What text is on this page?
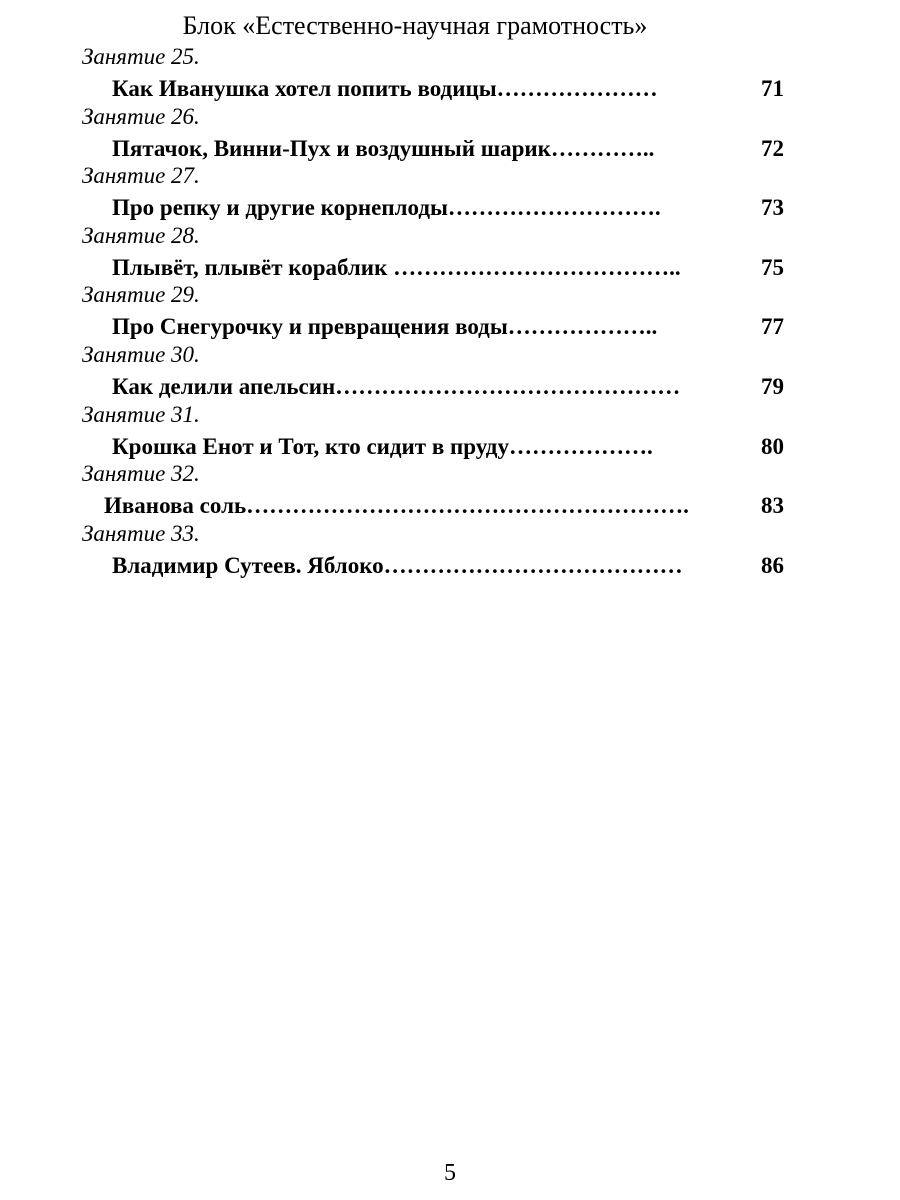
Блок «Естественно-научная грамотность»
Занятие 25.
Как Иванушка хотел попить водицы…………………	71
Занятие 26.
Пятачок, Винни-Пух и воздушный шарик…………..	72
Занятие 27.
Про репку и другие корнеплоды……………………….	73
Занятие 28.
Плывёт, плывёт кораблик ………………………………..	75
Занятие 29.
Про Снегурочку и превращения воды………………..	77
Занятие 30.
Как делили апельсин………………………………………	79
Занятие 31.
Крошка Енот и Тот, кто сидит в пруду……………….	80
Занятие 32.
Иванова соль………………………………………………….	83
Занятие 33.
Владимир Сутеев. Яблоко…………………………………	86

5
